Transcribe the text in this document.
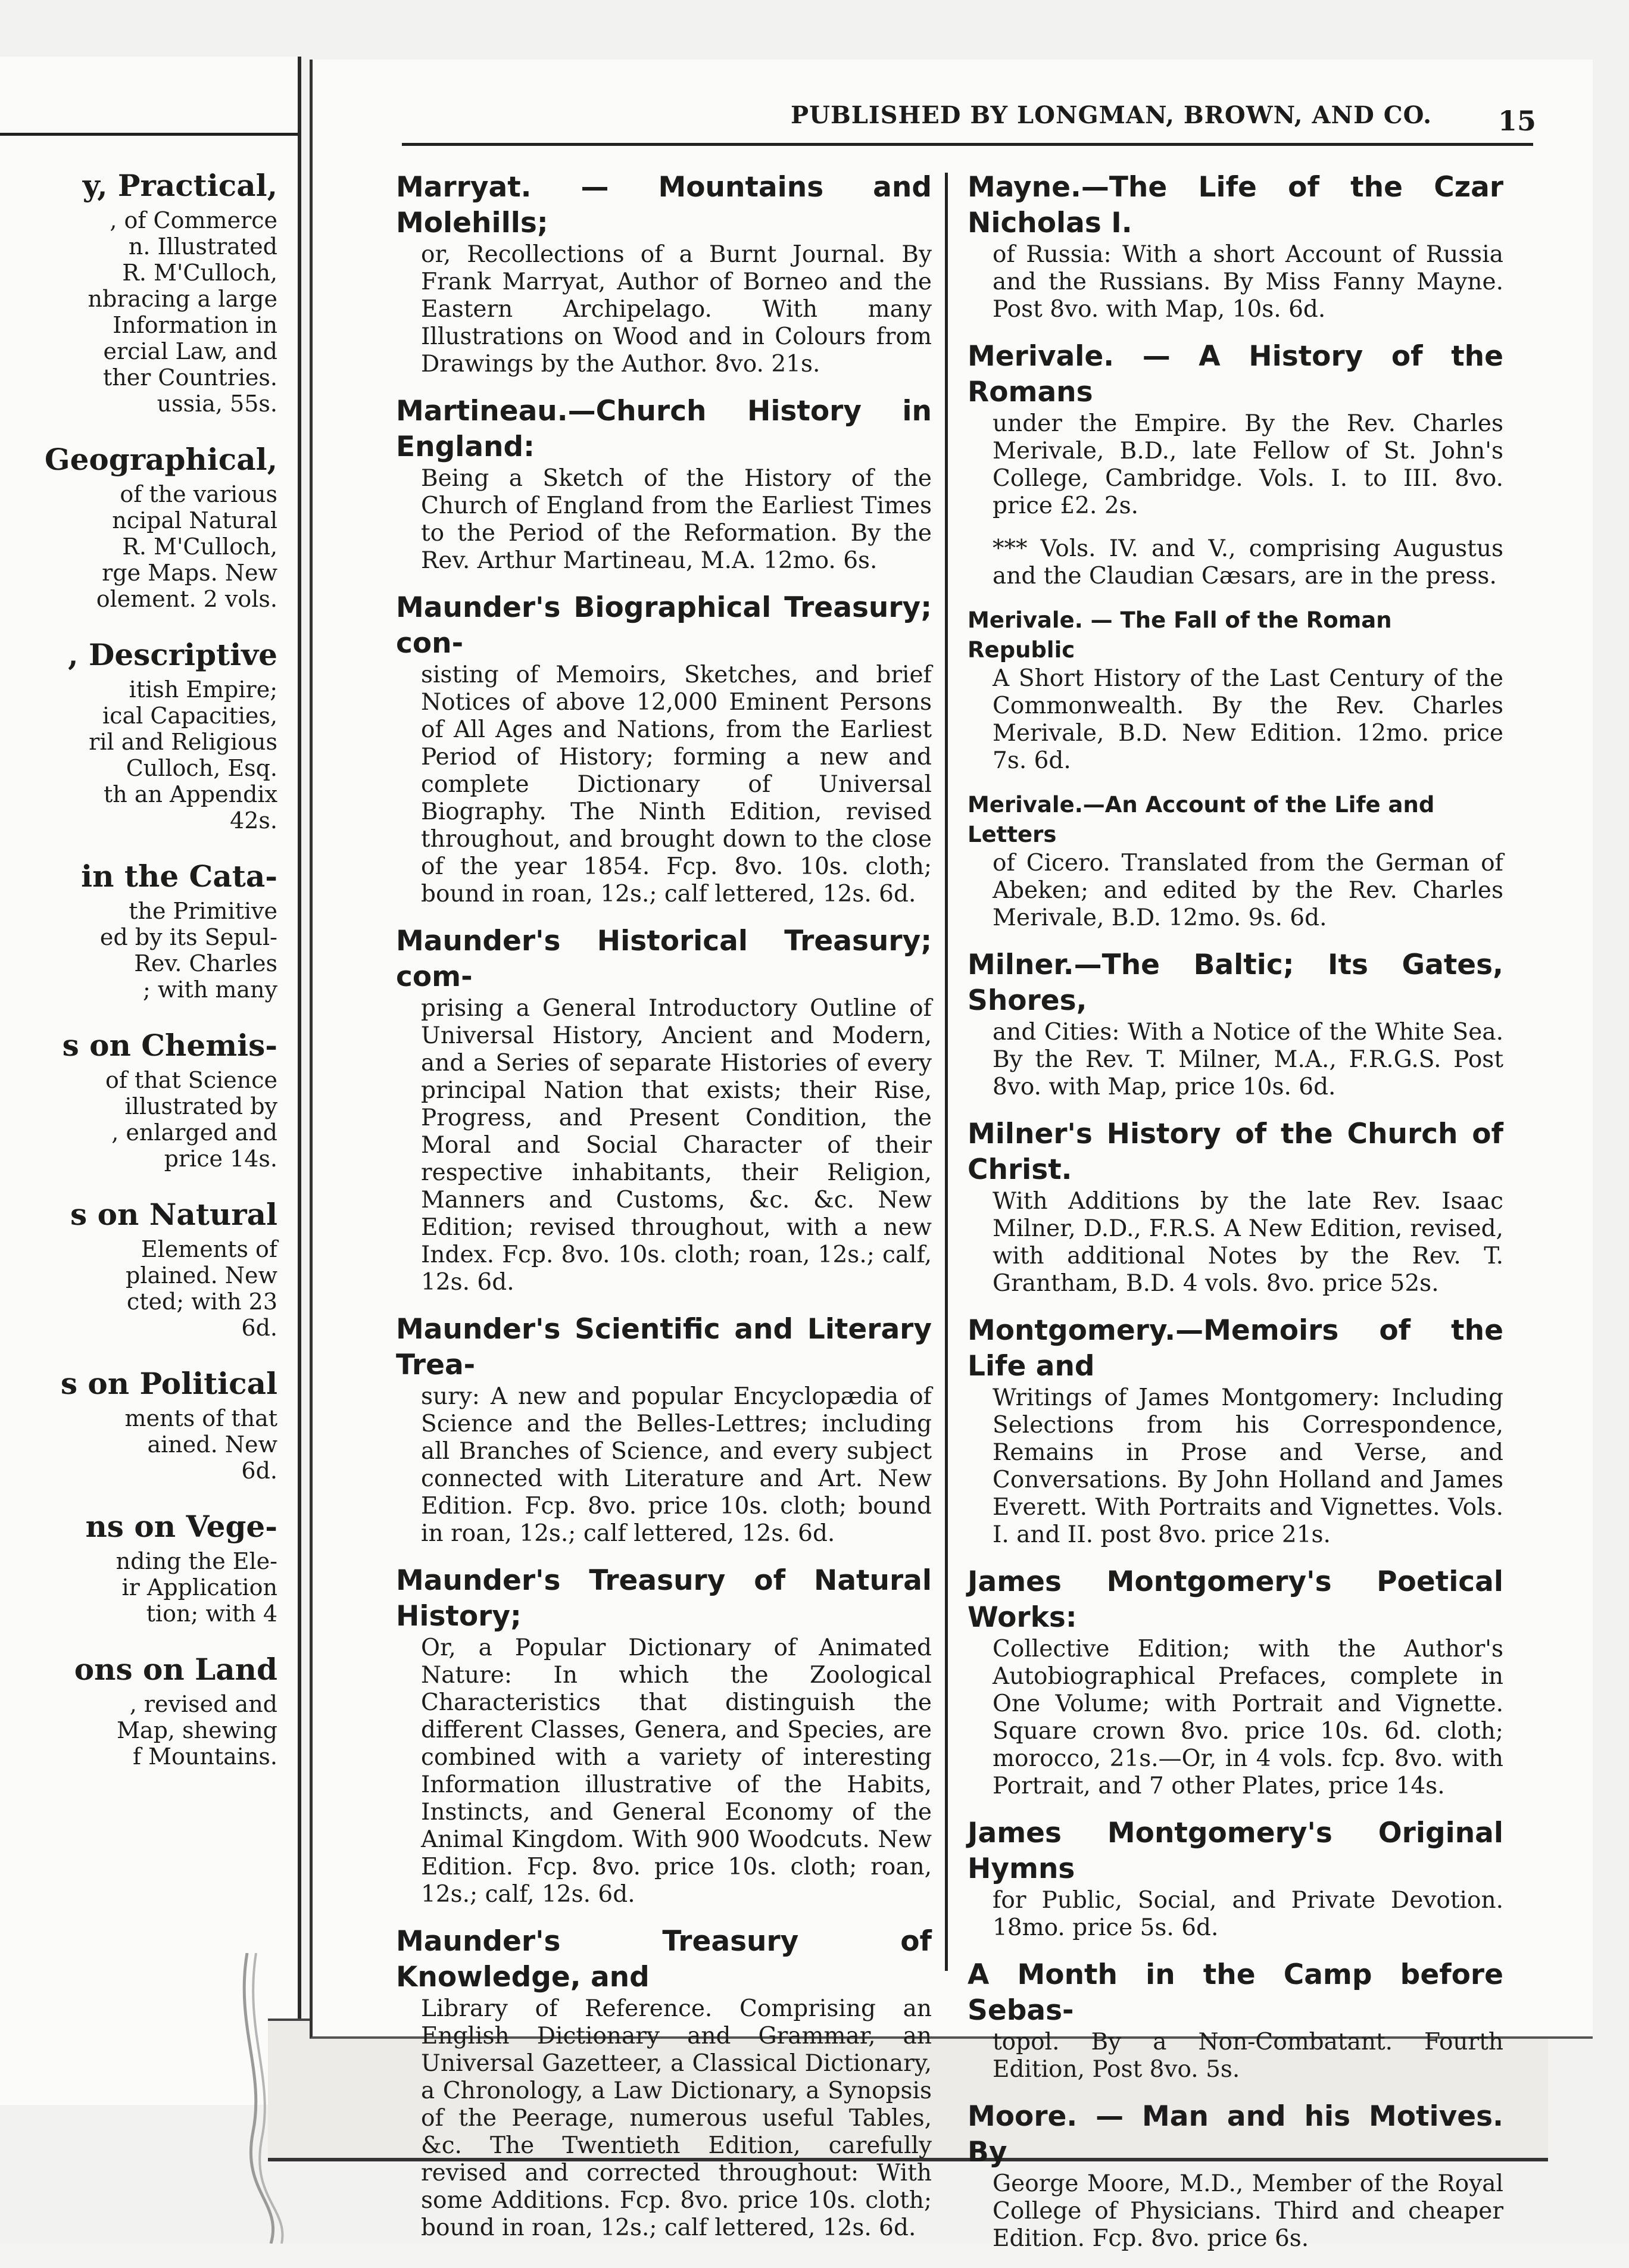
y, Practical,
, of Commerce
n. Illustrated
R. M'Culloch,
nbracing a large
Information in
ercial Law, and
ther Countries.
ussia, 55s.
Geographical,
of the various
ncipal Natural
R. M'Culloch,
rge Maps. New
olement. 2 vols.
, Descriptive
itish Empire;
ical Capacities,
ril and Religious
Culloch, Esq.
th an Appendix
42s.
in the Cata-
the Primitive
ed by its Sepul-
Rev. Charles
; with many
s on Chemis-
of that Science
illustrated by
, enlarged and
price 14s.
s on Natural
Elements of
plained. New
cted; with 23
6d.
s on Political
ments of that
ained. New
6d.
ns on Vege-
nding the Ele-
ir Application
tion; with 4
ons on Land
, revised and
Map, shewing
f Mountains.
PUBLISHED BY LONGMAN, BROWN, AND CO. 15
Marryat. — Mountains and Molehills;
or, Recollections of a Burnt Journal. By Frank Marryat, Author of Borneo and the Eastern Archipelago. With many Illustrations on Wood and in Colours from Drawings by the Author. 8vo. 21s.
Martineau.—Church History in England:
Being a Sketch of the History of the Church of England from the Earliest Times to the Period of the Reformation. By the Rev. Arthur Martineau, M.A. 12mo. 6s.
Maunder's Biographical Treasury; con-
sisting of Memoirs, Sketches, and brief Notices of above 12,000 Eminent Persons of All Ages and Nations, from the Earliest Period of History; forming a new and complete Dictionary of Universal Biography. The Ninth Edition, revised throughout, and brought down to the close of the year 1854. Fcp. 8vo. 10s. cloth; bound in roan, 12s.; calf lettered, 12s. 6d.
Maunder's Historical Treasury; com-
prising a General Introductory Outline of Universal History, Ancient and Modern, and a Series of separate Histories of every principal Nation that exists; their Rise, Progress, and Present Condition, the Moral and Social Character of their respective inhabitants, their Religion, Manners and Customs, &c. &c. New Edition; revised throughout, with a new Index. Fcp. 8vo. 10s. cloth; roan, 12s.; calf, 12s. 6d.
Maunder's Scientific and Literary Trea-
sury: A new and popular Encyclopædia of Science and the Belles-Lettres; including all Branches of Science, and every subject connected with Literature and Art. New Edition. Fcp. 8vo. price 10s. cloth; bound in roan, 12s.; calf lettered, 12s. 6d.
Maunder's Treasury of Natural History;
Or, a Popular Dictionary of Animated Nature: In which the Zoological Characteristics that distinguish the different Classes, Genera, and Species, are combined with a variety of interesting Information illustrative of the Habits, Instincts, and General Economy of the Animal Kingdom. With 900 Woodcuts. New Edition. Fcp. 8vo. price 10s. cloth; roan, 12s.; calf, 12s. 6d.
Maunder's Treasury of Knowledge, and
Library of Reference. Comprising an English Dictionary and Grammar, an Universal Gazetteer, a Classical Dictionary, a Chronology, a Law Dictionary, a Synopsis of the Peerage, numerous useful Tables, &c. The Twentieth Edition, carefully revised and corrected throughout: With some Additions. Fcp. 8vo. price 10s. cloth; bound in roan, 12s.; calf lettered, 12s. 6d.
Mayne.—The Life of the Czar Nicholas I.
of Russia: With a short Account of Russia and the Russians. By Miss Fanny Mayne. Post 8vo. with Map, 10s. 6d.
Merivale. — A History of the Romans
under the Empire. By the Rev. Charles Merivale, B.D., late Fellow of St. John's College, Cambridge. Vols. I. to III. 8vo. price £2. 2s.
*** Vols. IV. and V., comprising Augustus and the Claudian Cæsars, are in the press.
Merivale. — The Fall of the Roman Republic
A Short History of the Last Century of the Commonwealth. By the Rev. Charles Merivale, B.D. New Edition. 12mo. price 7s. 6d.
Merivale.—An Account of the Life and Letters
of Cicero. Translated from the German of Abeken; and edited by the Rev. Charles Merivale, B.D. 12mo. 9s. 6d.
Milner.—The Baltic; Its Gates, Shores,
and Cities: With a Notice of the White Sea. By the Rev. T. Milner, M.A., F.R.G.S. Post 8vo. with Map, price 10s. 6d.
Milner's History of the Church of Christ.
With Additions by the late Rev. Isaac Milner, D.D., F.R.S. A New Edition, revised, with additional Notes by the Rev. T. Grantham, B.D. 4 vols. 8vo. price 52s.
Montgomery.—Memoirs of the Life and
Writings of James Montgomery: Including Selections from his Correspondence, Remains in Prose and Verse, and Conversations. By John Holland and James Everett. With Portraits and Vignettes. Vols. I. and II. post 8vo. price 21s.
James Montgomery's Poetical Works:
Collective Edition; with the Author's Autobiographical Prefaces, complete in One Volume; with Portrait and Vignette. Square crown 8vo. price 10s. 6d. cloth; morocco, 21s.—Or, in 4 vols. fcp. 8vo. with Portrait, and 7 other Plates, price 14s.
James Montgomery's Original Hymns
for Public, Social, and Private Devotion. 18mo. price 5s. 6d.
A Month in the Camp before Sebas-
topol. By a Non-Combatant. Fourth Edition, Post 8vo. 5s.
Moore. — Man and his Motives. By
George Moore, M.D., Member of the Royal College of Physicians. Third and cheaper Edition. Fcp. 8vo. price 6s.
